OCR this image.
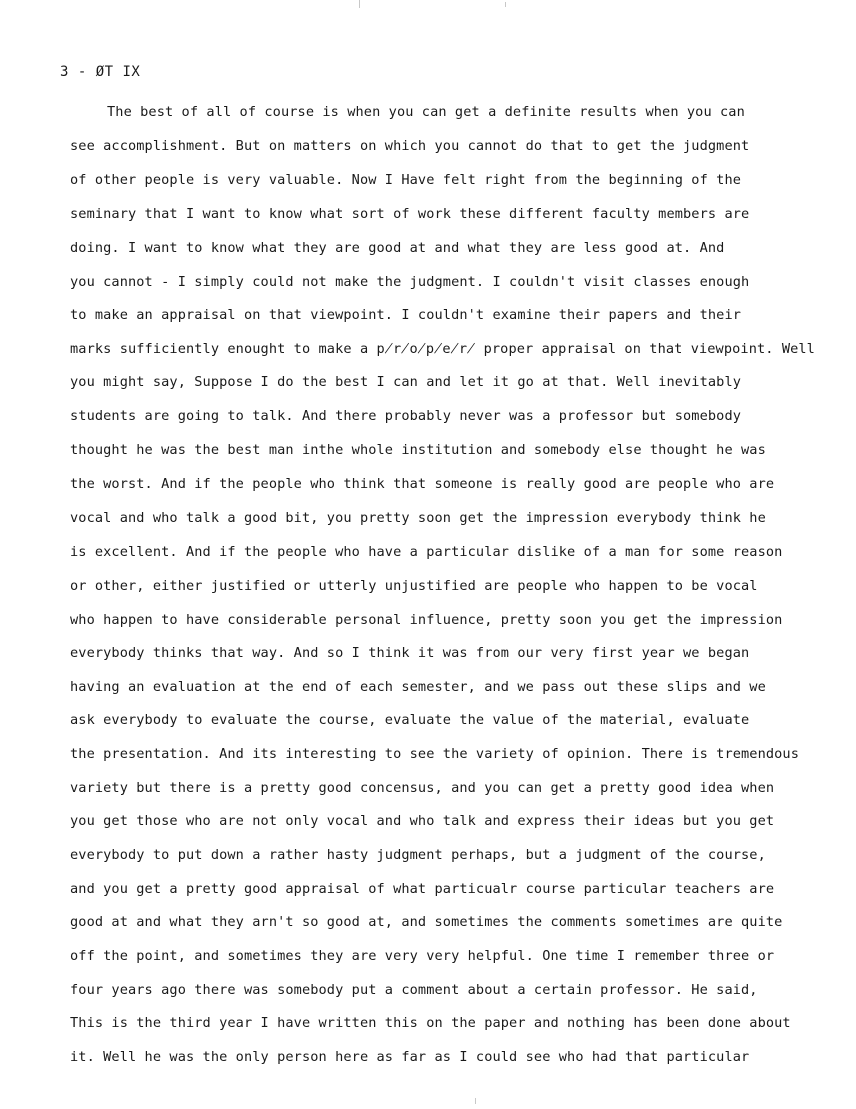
3 - ØT IX
The best of all of course is when you can get a definite results when you can
see accomplishment. But on matters on which you cannot do that to get the judgment
of other people is very valuable. Now I Have felt right from the beginning of the
seminary that I want to know what sort of work these different faculty members are
doing. I want to know what they are good at and what they are less good at. And
you cannot - I simply could not make the judgment. I couldn't visit classes enough
to make an appraisal on that viewpoint. I couldn't examine their papers and their
marks sufficiently enought to make a p̸r̸o̸p̸e̸r̸ proper appraisal on that viewpoint. Well
you might say, Suppose I do the best I can and let it go at that. Well inevitably
students are going to talk. And there probably never was a professor but somebody
thought he was the best man inthe whole institution and somebody else thought he was
the worst. And if the people who think that someone is really good are people who are
vocal and who talk a good bit, you pretty soon get the impression everybody think he
is excellent. And if the people who have a particular dislike of a man for some reason
or other, either justified or utterly unjustified are people who happen to be vocal
who happen to have considerable personal influence, pretty soon you get the impression
everybody thinks that way. And so I think it was from our very first year we began
having an evaluation at the end of each semester, and we pass out these slips and we
ask everybody to evaluate the course, evaluate the value of the material, evaluate
the presentation. And its interesting to see the variety of opinion. There is tremendous
variety but there is a pretty good concensus, and you can get a pretty good idea when
you get those who are not only vocal and who talk and express their ideas but you get
everybody to put down a rather hasty judgment perhaps, but a judgment of the course,
and you get a pretty good appraisal of what particualr course particular teachers are
good at and what they arn't so good at, and sometimes the comments sometimes are quite
off the point, and sometimes they are very very helpful. One time I remember three or
four years ago there was somebody put a comment about a certain professor. He said,
This is the third year I have written this on the paper and nothing has been done about
it. Well he was the only person here as far as I could see who had that particular
